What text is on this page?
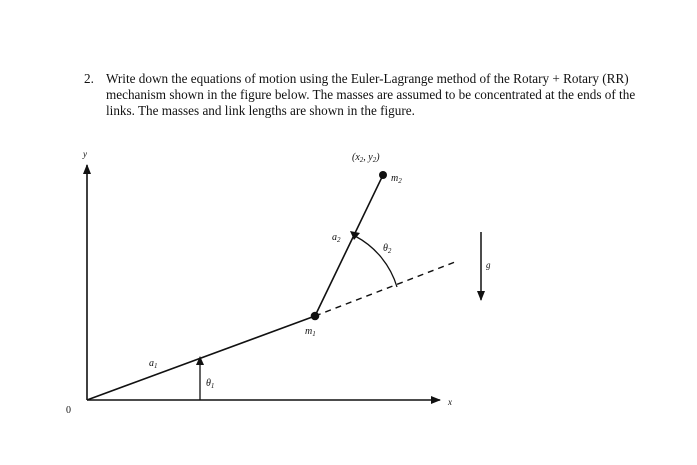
2. Write down the equations of motion using the Euler-Lagrange method of the Rotary + Rotary (RR) mechanism shown in the figure below. The masses are assumed to be concentrated at the ends of the links. The masses and link lengths are shown in the figure.
y
x
0
g
$a_1$
$\theta_1$
$m_1$
$a_2$
$\theta_2$
$m_2$
($x_2$, $y_2$)
